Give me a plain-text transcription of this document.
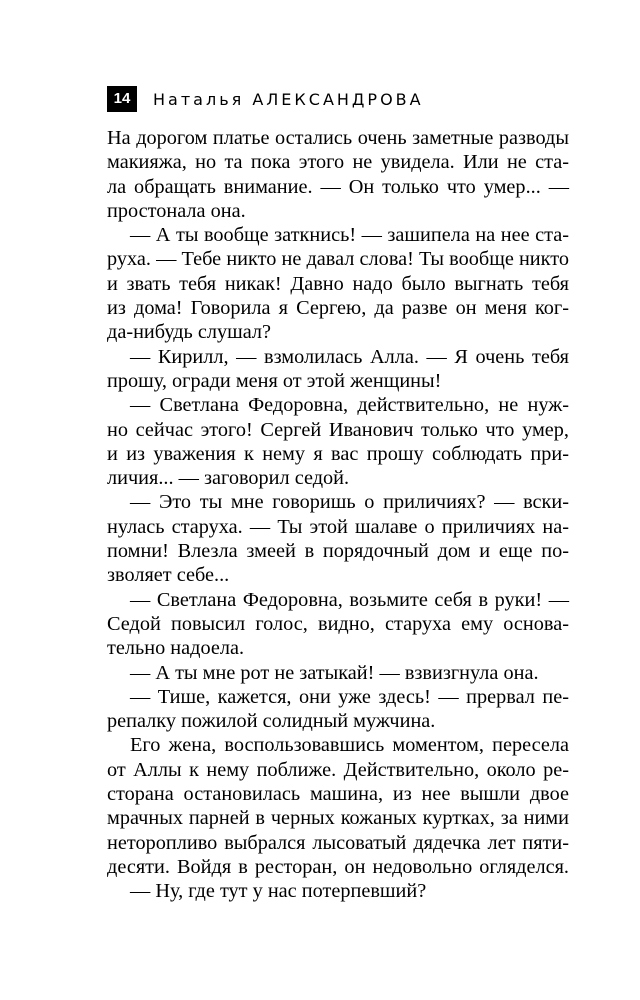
14	Наталья АЛЕКСАНДРОВА
На дорогом платье остались очень заметные разводы
макияжа, но та пока этого не увидела. Или не ста-
ла обращать внимание. — Он только что умер... —
простонала она.
— А ты вообще заткнись! — зашипела на нее ста-
руха. — Тебе никто не давал слова! Ты вообще никто
и звать тебя никак! Давно надо было выгнать тебя
из дома! Говорила я Сергею, да разве он меня ког-
да-нибудь слушал?
— Кирилл, — взмолилась Алла. — Я очень тебя
прошу, огради меня от этой женщины!
— Светлана Федоровна, действительно, не нуж-
но сейчас этого! Сергей Иванович только что умер,
и из уважения к нему я вас прошу соблюдать при-
личия... — заговорил седой.
— Это ты мне говоришь о приличиях? — вски-
нулась старуха. — Ты этой шалаве о приличиях на-
помни! Влезла змеей в порядочный дом и еще по-
зволяет себе...
— Светлана Федоровна, возьмите себя в руки! —
Седой повысил голос, видно, старуха ему основа-
тельно надоела.
— А ты мне рот не затыкай! — взвизгнула она.
— Тише, кажется, они уже здесь! — прервал пе-
репалку пожилой солидный мужчина.
Его жена, воспользовавшись моментом, пересела
от Аллы к нему поближе. Действительно, около ре-
сторана остановилась машина, из нее вышли двое
мрачных парней в черных кожаных куртках, за ними
неторопливо выбрался лысоватый дядечка лет пяти-
десяти. Войдя в ресторан, он недовольно огляделся.
— Ну, где тут у нас потерпевший?
